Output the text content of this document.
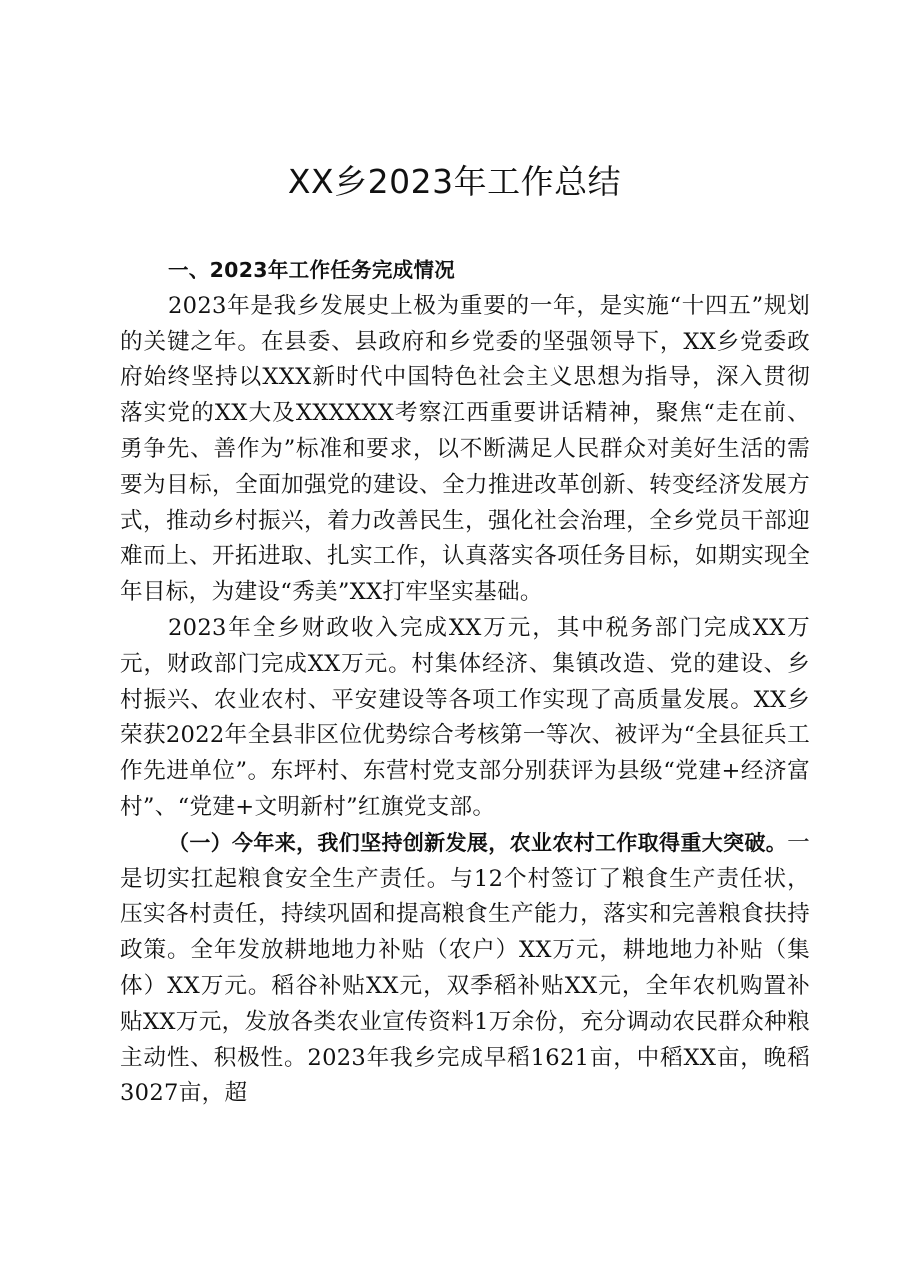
XX乡2023年工作总结
一、2023年工作任务完成情况

2023年是我乡发展史上极为重要的一年，是实施“十四五”规划的关键之年。在县委、县政府和乡党委的坚强领导下，XX乡党委政府始终坚持以XXX新时代中国特色社会主义思想为指导，深入贯彻落实党的XX大及XXXXXX考察江西重要讲话精神，聚焦“走在前、勇争先、善作为”标准和要求，以不断满足人民群众对美好生活的需要为目标，全面加强党的建设、全力推进改革创新、转变经济发展方式，推动乡村振兴，着力改善民生，强化社会治理，全乡党员干部迎难而上、开拓进取、扎实工作，认真落实各项任务目标，如期实现全年目标，为建设“秀美”XX打牢坚实基础。

2023年全乡财政收入完成XX万元，其中税务部门完成XX万元，财政部门完成XX万元。村集体经济、集镇改造、党的建设、乡村振兴、农业农村、平安建设等各项工作实现了高质量发展。XX乡荣获2022年全县非区位优势综合考核第一等次、被评为“全县征兵工作先进单位”。东坪村、东营村党支部分别获评为县级“党建+经济富村”、“党建+文明新村”红旗党支部。

（一）今年来，我们坚持创新发展，农业农村工作取得重大突破。一是切实扛起粮食安全生产责任。与12个村签订了粮食生产责任状，压实各村责任，持续巩固和提高粮食生产能力，落实和完善粮食扶持政策。全年发放耕地地力补贴（农户）XX万元，耕地地力补贴（集体）XX万元。稻谷补贴XX元，双季稻补贴XX元，全年农机购置补贴XX万元，发放各类农业宣传资料1万余份，充分调动农民群众种粮主动性、积极性。2023年我乡完成早稻1621亩，中稻XX亩，晚稻3027亩，超
